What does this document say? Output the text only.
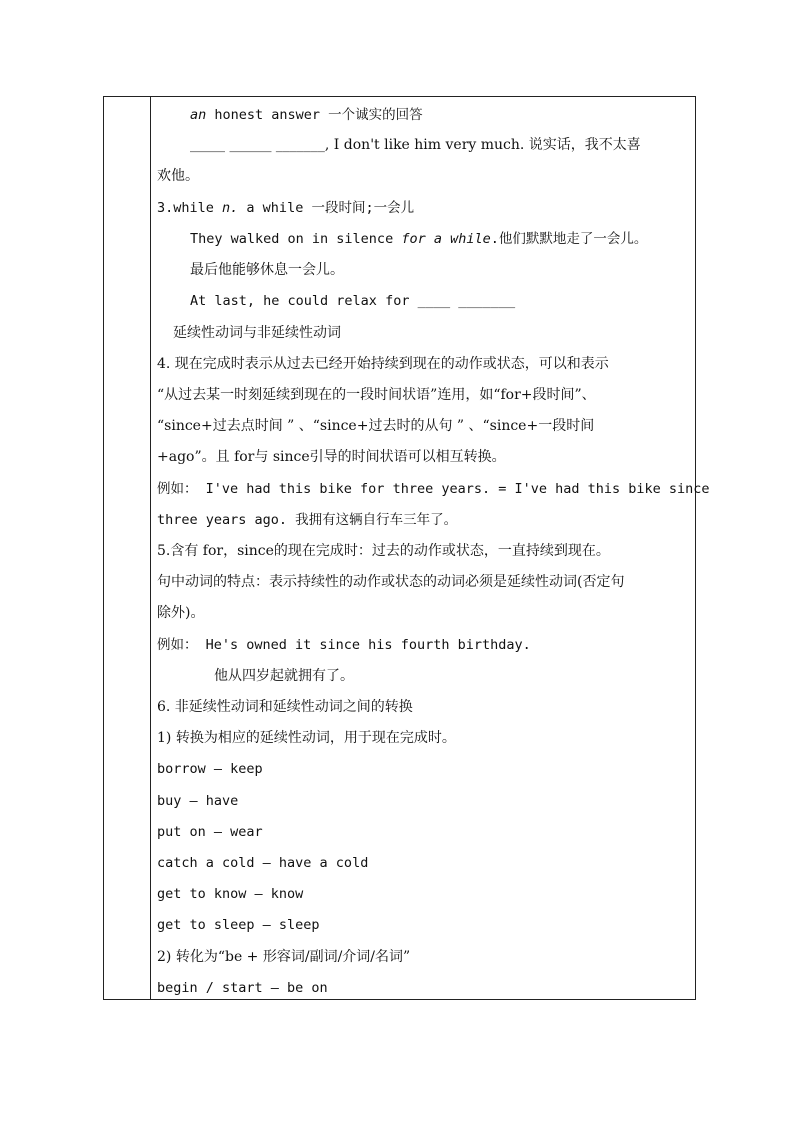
an honest answer 一个诚实的回答
_____ ______ _______, I don't like him very much. 说实话，我不太喜
欢他。
3.while n. a while 一段时间;一会儿
They walked on in silence for a while.他们默默地走了一会儿。
最后他能够休息一会儿。
At last, he could relax for ____ _______
延续性动词与非延续性动词
4. 现在完成时表示从过去已经开始持续到现在的动作或状态，可以和表示
“从过去某一时刻延续到现在的一段时间状语”连用，如“for+段时间”、
“since+过去点时间 ” 、“since+过去时的从句 ” 、“since+一段时间
+ago”。且 for与 since引导的时间状语可以相互转换。
例如： I've had this bike for three years. = I've had this bike since
three years ago. 我拥有这辆自行车三年了。
5.含有 for，since的现在完成时：过去的动作或状态，一直持续到现在。
句中动词的特点：表示持续性的动作或状态的动词必须是延续性动词(否定句
除外)。
例如： He's owned it since his fourth birthday.
他从四岁起就拥有了。
6. 非延续性动词和延续性动词之间的转换
1) 转换为相应的延续性动词，用于现在完成时。
borrow — keep
buy — have
put on — wear
catch a cold — have a cold
get to know — know
get to sleep — sleep
2) 转化为“be + 形容词/副词/介词/名词”
begin / start — be on
